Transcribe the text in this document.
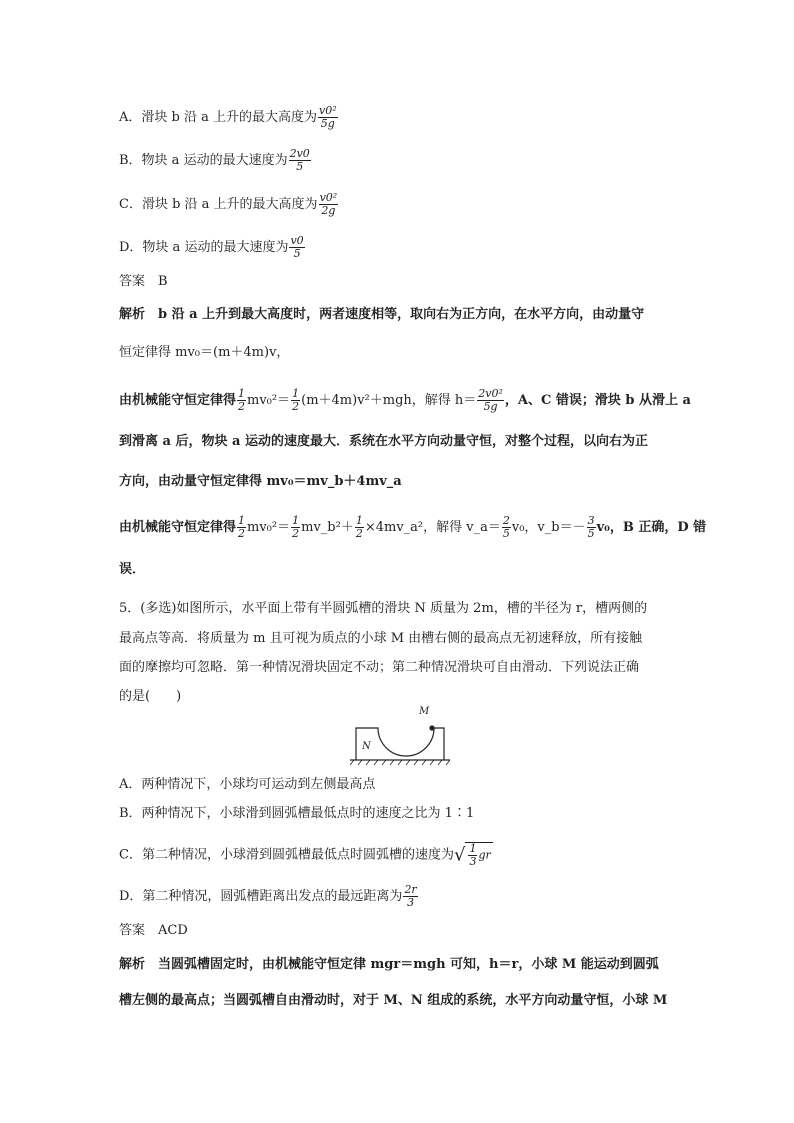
A．滑块 b 沿 a 上升的最大高度为 $\frac{\text{v0²}}{5g}$
B．物块 a 运动的最大速度为 $\frac{2v0}{5}$
C．滑块 b 沿 a 上升的最大高度为 $\frac{\text{v0²}}{2g}$
D．物块 a 运动的最大速度为 $\frac{v0}{5}$
答案　B
解析　b 沿 a 上升到最大高度时，两者速度相等，取向右为正方向，在水平方向，由动量守
恒定律得 mv₀＝(m＋4m)v，
由机械能守恒定律得 $\frac{1}{2} mv_0^2= \frac{1}{2} (m+4m)v^2+mgh$，解得 $h= \frac{\text{2v0²}}{5g}$ ，A、C 错误；滑块 b 从滑上 a
到滑离 a 后，物块 a 运动的速度最大．系统在水平方向动量守恒，对整个过程，以向右为正
方向，由动量守恒定律得 mv₀＝mv_b＋4mv_a
由机械能守恒定律得 $\frac{1}{2} mv_0^2= \frac{1}{2}$ mv_b²＋ $\frac{1}{2}$ ×4mv_a²，解得 v_a＝ $\frac{2}{5} v_0$，v_b＝－ $\frac{3}{5} v_0$，B 正确，D 错
误．
5．(多选)如图所示，水平面上带有半圆弧槽的滑块 N 质量为 2m，槽的半径为 r，槽两侧的
最高点等高．将质量为 m 且可视为质点的小球 M 由槽右侧的最高点无初速释放，所有接触
面的摩擦均可忽略．第一种情况滑块固定不动；第二种情况滑块可自由滑动．下列说法正确
的是(　　)
M
N
A．两种情况下，小球均可运动到左侧最高点
B．两种情况下，小球滑到圆弧槽最低点时的速度之比为 1∶1
C．第二种情况，小球滑到圆弧槽最低点时圆弧槽的速度为√ $\frac{1}{3}$ gr
D．第二种情况，圆弧槽距离出发点的最远距离为 $\frac{2r}{3}$
答案　ACD
解析　当圆弧槽固定时，由机械能守恒定律 mgr＝mgh 可知，h＝r，小球 M 能运动到圆弧
槽左侧的最高点；当圆弧槽自由滑动时，对于 M、N 组成的系统，水平方向动量守恒，小球 M
